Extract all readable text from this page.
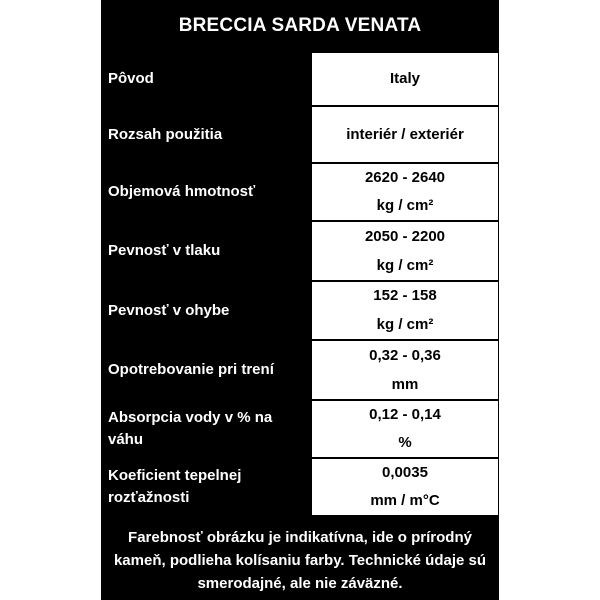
BRECCIA SARDA VENATA
Pôvod	Italy
Rozsah použitia	interiér / exteriér
Objemová hmotnosť
2620 - 2640
kg / cm²
Pevnosť v tlaku
2050 - 2200
kg / cm²
Pevnosť v ohybe
152 - 158
kg / cm²
Opotrebovanie pri trení
0,32 - 0,36
mm
Absorpcia vody v % na váhu
0,12 - 0,14
%
Koeficient tepelnej rozťažnosti
0,0035
mm / m°C
Farebnosť obrázku je indikatívna, ide o prírodný kameň, podlieha kolísaniu farby. Technické údaje sú smerodajné, ale nie záväzné.
